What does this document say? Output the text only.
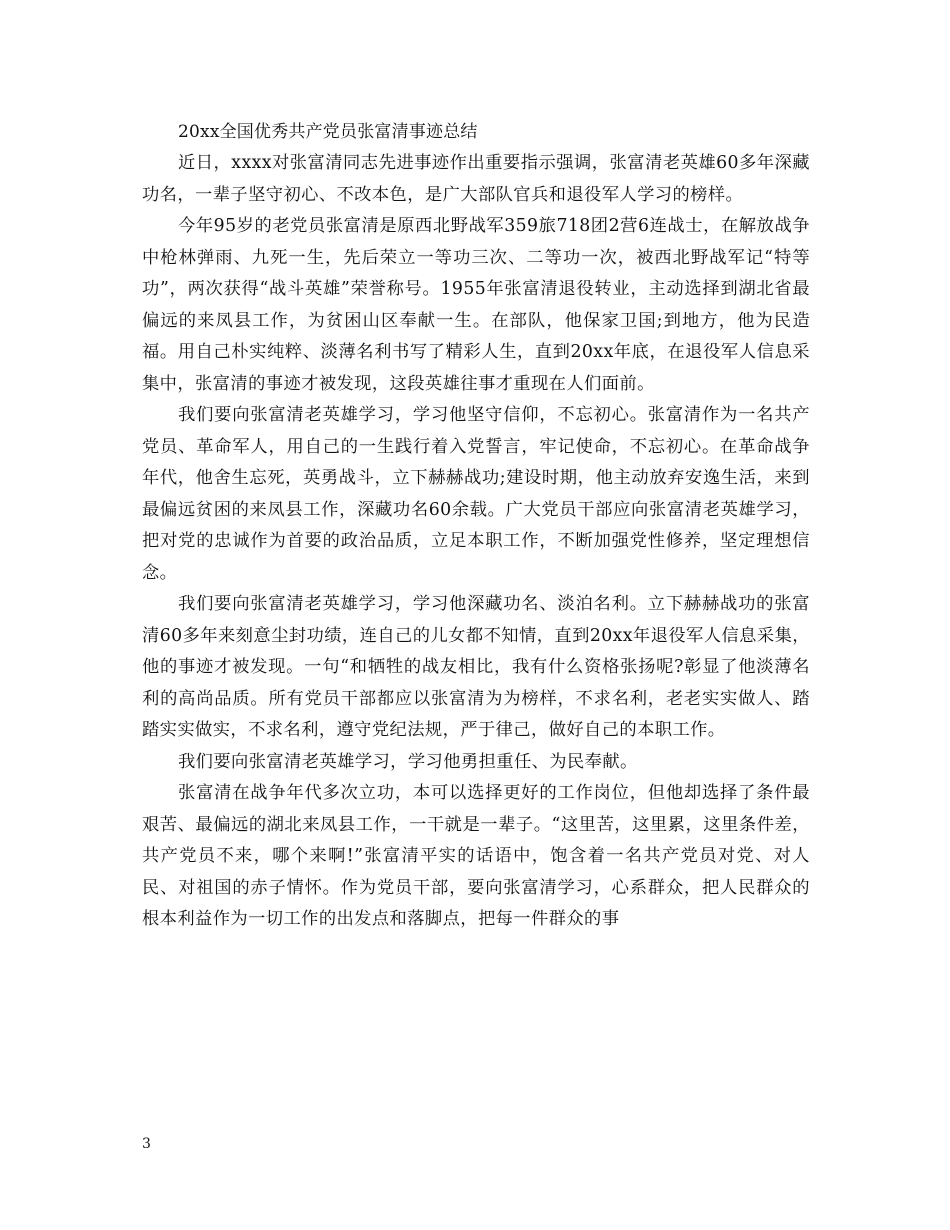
20xx全国优秀共产党员张富清事迹总结

近日，xxxx对张富清同志先进事迹作出重要指示强调，张富清老英雄60多年深藏功名，一辈子坚守初心、不改本色，是广大部队官兵和退役军人学习的榜样。

今年95岁的老党员张富清是原西北野战军359旅718团2营6连战士，在解放战争中枪林弹雨、九死一生，先后荣立一等功三次、二等功一次，被西北野战军记“特等功”，两次获得“战斗英雄”荣誉称号。1955年张富清退役转业，主动选择到湖北省最偏远的来凤县工作，为贫困山区奉献一生。在部队，他保家卫国;到地方，他为民造福。用自己朴实纯粹、淡薄名利书写了精彩人生，直到20xx年底，在退役军人信息采集中，张富清的事迹才被发现，这段英雄往事才重现在人们面前。

我们要向张富清老英雄学习，学习他坚守信仰，不忘初心。张富清作为一名共产党员、革命军人，用自己的一生践行着入党誓言，牢记使命，不忘初心。在革命战争年代，他舍生忘死，英勇战斗，立下赫赫战功;建设时期，他主动放弃安逸生活，来到最偏远贫困的来凤县工作，深藏功名60余载。广大党员干部应向张富清老英雄学习，把对党的忠诚作为首要的政治品质，立足本职工作，不断加强党性修养，坚定理想信念。

我们要向张富清老英雄学习，学习他深藏功名、淡泊名利。立下赫赫战功的张富清60多年来刻意尘封功绩，连自己的儿女都不知情，直到20xx年退役军人信息采集，他的事迹才被发现。一句“和牺牲的战友相比，我有什么资格张扬呢?彰显了他淡薄名利的高尚品质。所有党员干部都应以张富清为为榜样，不求名利，老老实实做人、踏踏实实做实，不求名利，遵守党纪法规，严于律己，做好自己的本职工作。

我们要向张富清老英雄学习，学习他勇担重任、为民奉献。

张富清在战争年代多次立功，本可以选择更好的工作岗位，但他却选择了条件最艰苦、最偏远的湖北来凤县工作，一干就是一辈子。“这里苦，这里累，这里条件差，共产党员不来，哪个来啊!”张富清平实的话语中，饱含着一名共产党员对党、对人民、对祖国的赤子情怀。作为党员干部，要向张富清学习，心系群众，把人民群众的根本利益作为一切工作的出发点和落脚点，把每一件群众的事

3
